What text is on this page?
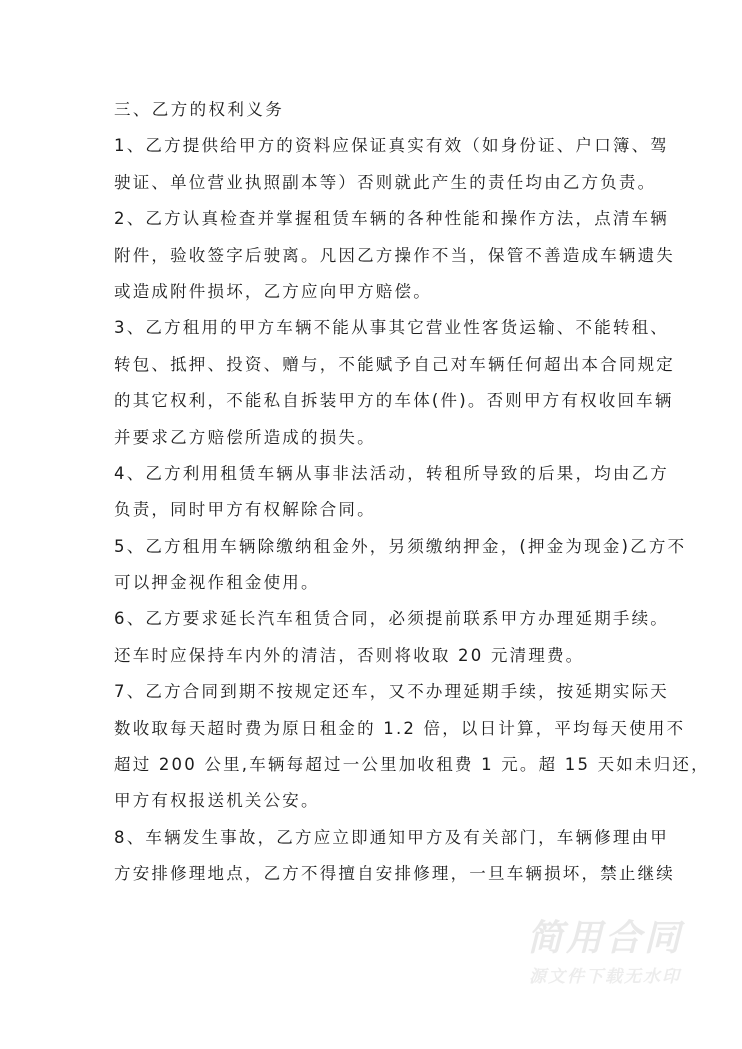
三、乙方的权利义务
1、乙方提供给甲方的资料应保证真实有效（如身份证、户口簿、驾
驶证、单位营业执照副本等）否则就此产生的责任均由乙方负责。
2、乙方认真检查并掌握租赁车辆的各种性能和操作方法，点清车辆
附件，验收签字后驶离。凡因乙方操作不当，保管不善造成车辆遗失
或造成附件损坏，乙方应向甲方赔偿。
3、乙方租用的甲方车辆不能从事其它营业性客货运输、不能转租、
转包、抵押、投资、赠与，不能赋予自己对车辆任何超出本合同规定
的其它权利，不能私自拆装甲方的车体(件)。否则甲方有权收回车辆
并要求乙方赔偿所造成的损失。
4、乙方利用租赁车辆从事非法活动，转租所导致的后果，均由乙方
负责，同时甲方有权解除合同。
5、乙方租用车辆除缴纳租金外，另须缴纳押金，(押金为现金)乙方不
可以押金视作租金使用。
6、乙方要求延长汽车租赁合同，必须提前联系甲方办理延期手续。
还车时应保持车内外的清洁，否则将收取 20 元清理费。
7、乙方合同到期不按规定还车，又不办理延期手续，按延期实际天
数收取每天超时费为原日租金的 1.2 倍，以日计算，平均每天使用不
超过 200 公里,车辆每超过一公里加收租费 1 元。超 15 天如未归还，
甲方有权报送机关公安。
8、车辆发生事故，乙方应立即通知甲方及有关部门，车辆修理由甲
方安排修理地点，乙方不得擅自安排修理，一旦车辆损坏，禁止继续
简用合同
源文件下载无水印
